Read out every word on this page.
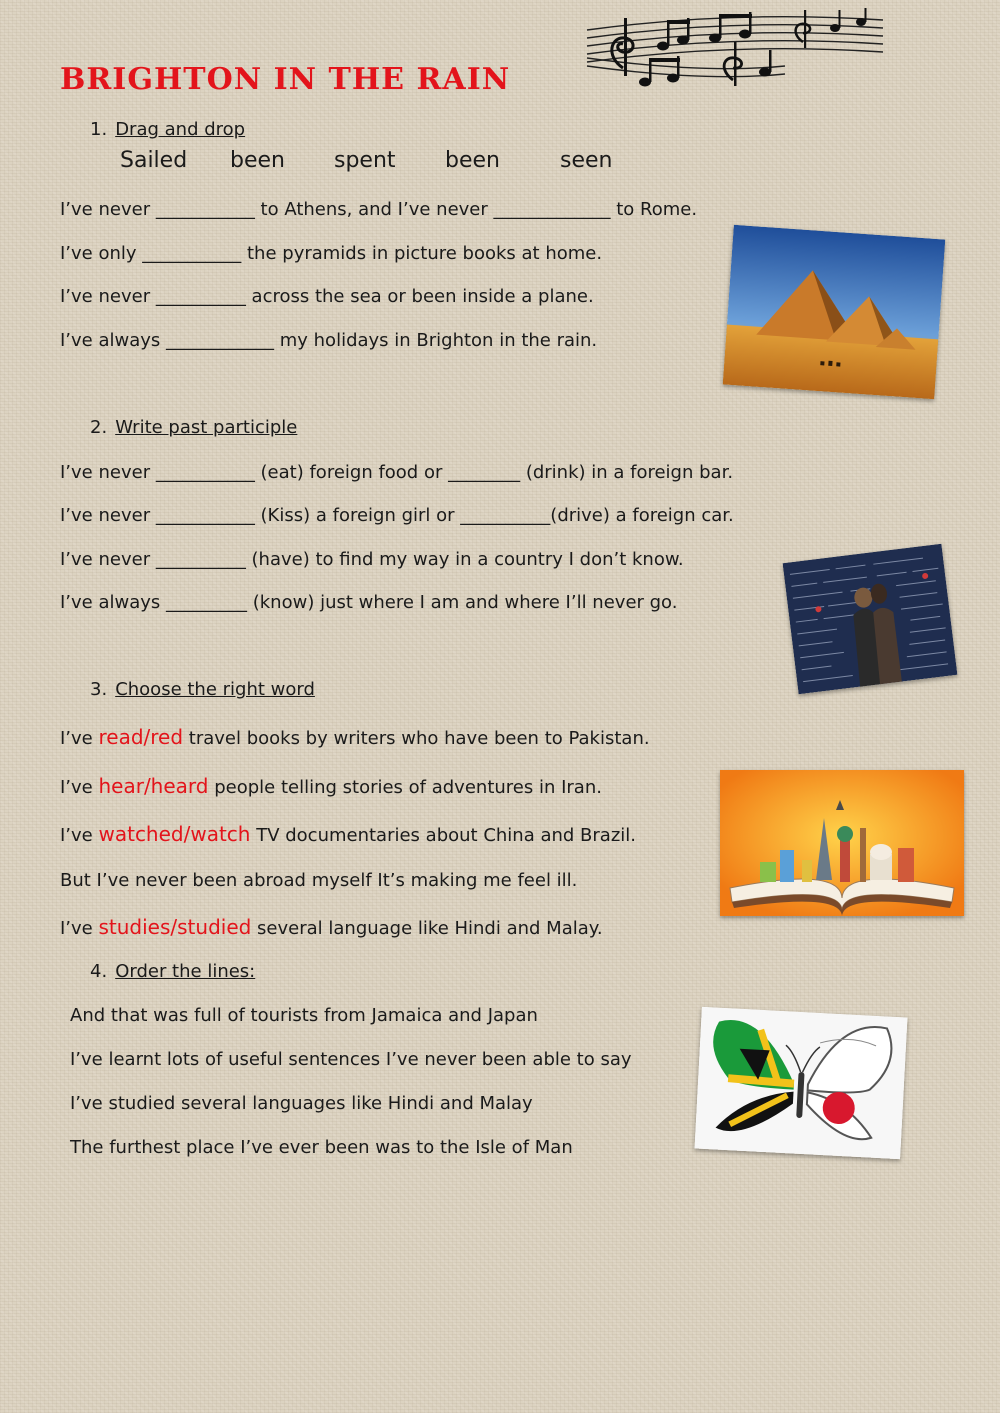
BRIGHTON IN THE RAIN
1. Drag and drop
Sailed been spent been	seen
I’ve never ___________ to Athens, and I’ve never _____________ to Rome.
I’ve only ___________ the pyramids in picture books at home.
I’ve never __________ across the sea or been inside a plane.
I’ve always ____________ my holidays in Brighton in the rain.
2. Write past participle
I’ve never ___________ (eat) foreign food or ________ (drink) in a foreign bar.
I’ve never ___________ (Kiss) a foreign girl or __________(drive) a foreign car.
I’ve never __________ (have) to find my way in a country I don’t know.
I’ve always _________ (know) just where I am and where I’ll never go.
3. Choose the right word
I’ve read/red travel books by writers who have been to Pakistan.
I’ve hear/heard people telling stories of adventures in Iran.
I’ve watched/watch TV documentaries about China and Brazil.
But I’ve never been abroad myself It’s making me feel ill.
I’ve studies/studied several language like Hindi and Malay.
4. Order the lines:
And that was full of tourists from Jamaica and Japan
I’ve learnt lots of useful sentences I’ve never been able to say
I’ve studied several languages like Hindi and Malay
The furthest place I’ve ever been was to the Isle of Man
